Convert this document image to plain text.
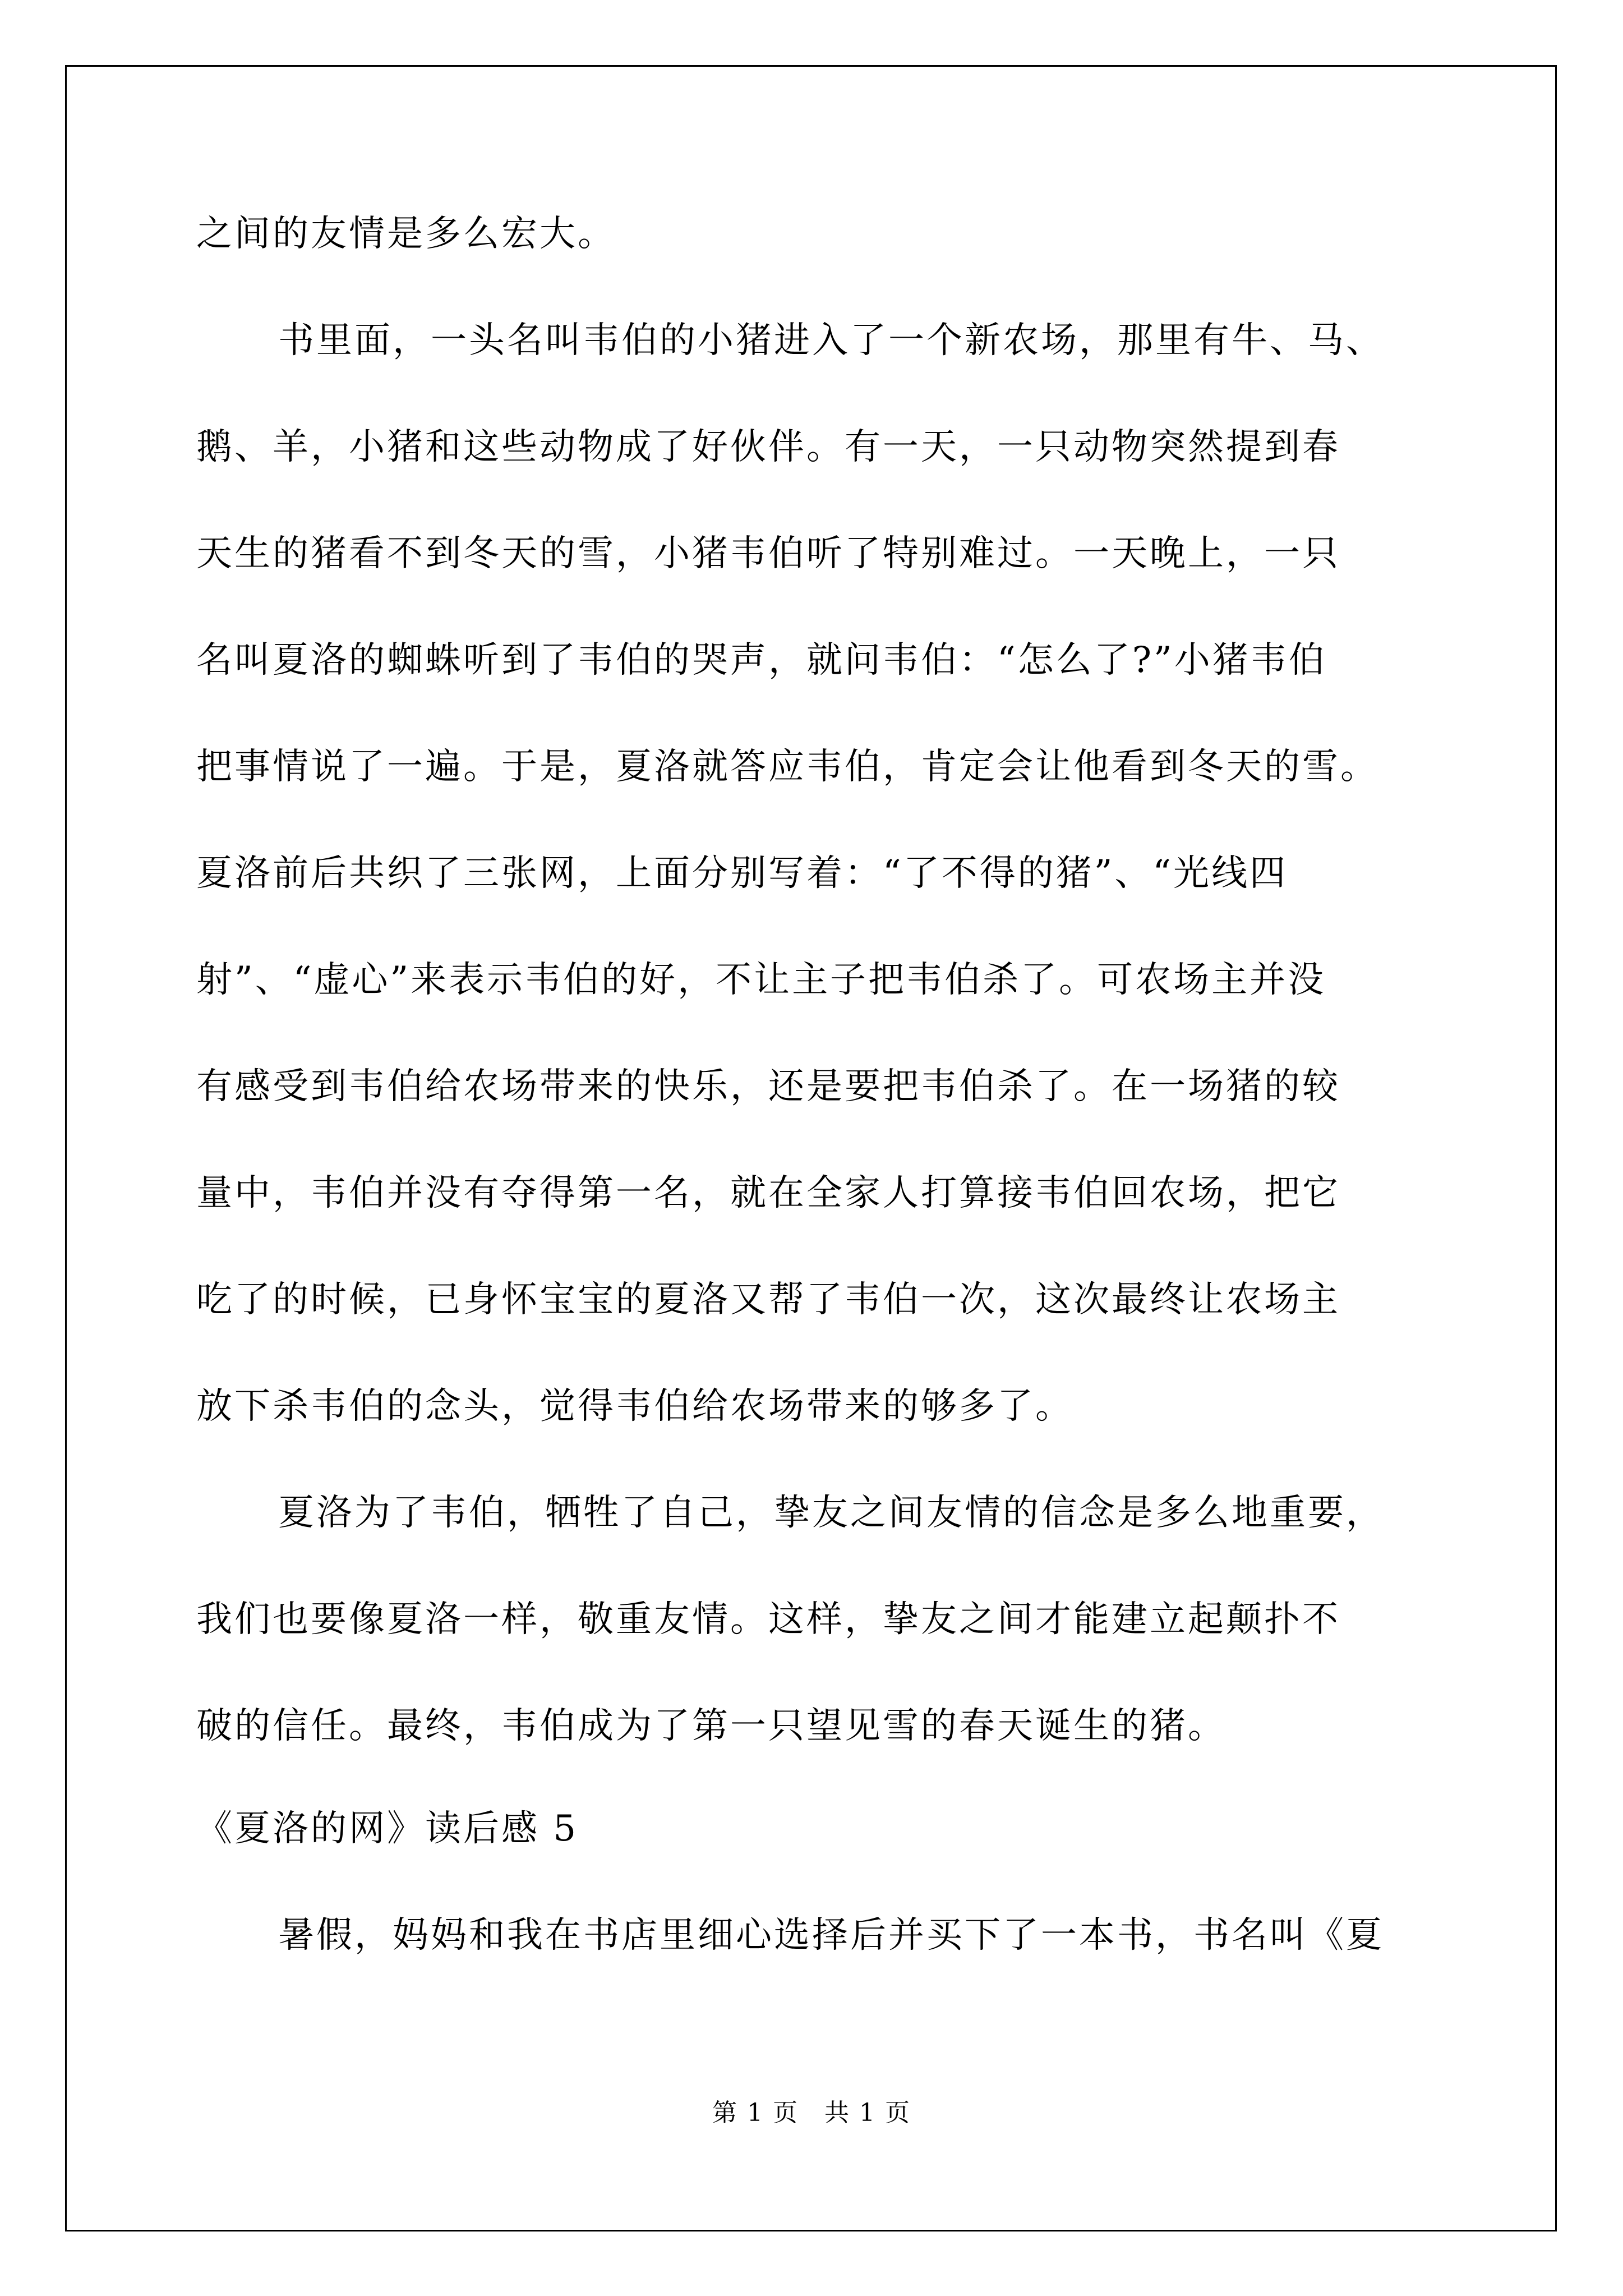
之间的友情是多么宏大。
书里面，一头名叫韦伯的小猪进入了一个新农场，那里有牛、马、
鹅、羊，小猪和这些动物成了好伙伴。有一天，一只动物突然提到春
天生的猪看不到冬天的雪，小猪韦伯听了特别难过。一天晚上，一只
名叫夏洛的蜘蛛听到了韦伯的哭声，就问韦伯：“怎么了?”小猪韦伯
把事情说了一遍。于是，夏洛就答应韦伯，肯定会让他看到冬天的雪。
夏洛前后共织了三张网，上面分别写着：“了不得的猪”、“光线四
射”、“虚心”来表示韦伯的好，不让主子把韦伯杀了。可农场主并没
有感受到韦伯给农场带来的快乐，还是要把韦伯杀了。在一场猪的较
量中，韦伯并没有夺得第一名，就在全家人打算接韦伯回农场，把它
吃了的时候，已身怀宝宝的夏洛又帮了韦伯一次，这次最终让农场主
放下杀韦伯的念头，觉得韦伯给农场带来的够多了。
夏洛为了韦伯，牺牲了自己，挚友之间友情的信念是多么地重要，
我们也要像夏洛一样，敬重友情。这样，挚友之间才能建立起颠扑不
破的信任。最终，韦伯成为了第一只望见雪的春天诞生的猪。
《夏洛的网》读后感 5
暑假，妈妈和我在书店里细心选择后并买下了一本书，书名叫《夏
第 1 页　共 1 页
